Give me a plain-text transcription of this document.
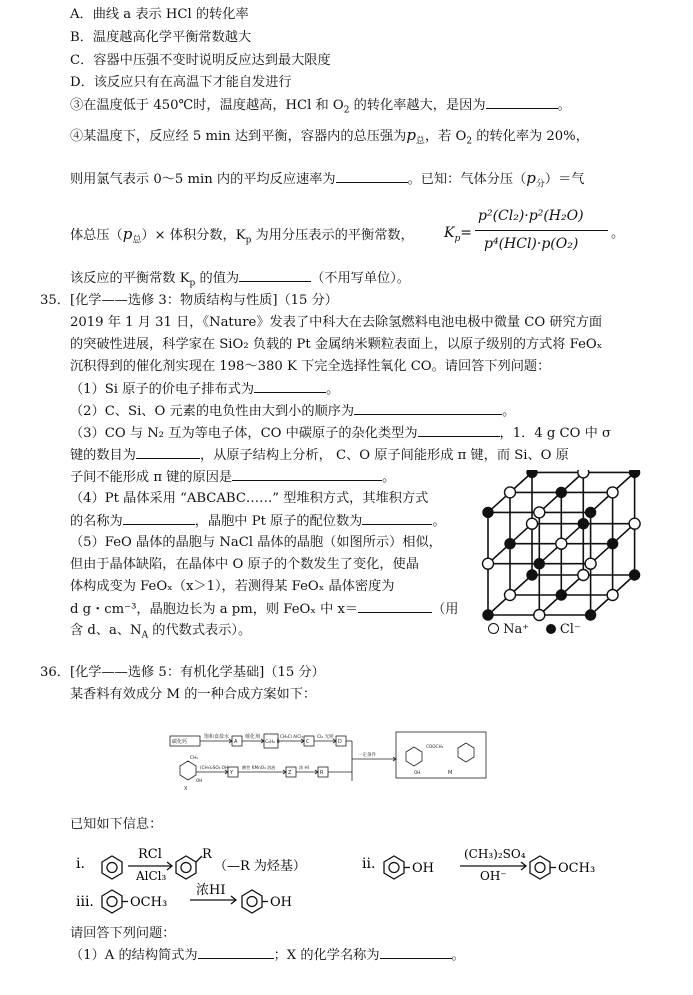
A．曲线 a 表示 HCl 的转化率
B．温度越高化学平衡常数越大
C．容器中压强不变时说明反应达到最大限度
D．该反应只有在高温下才能自发进行
③在温度低于 450℃时，温度越高，HCl 和 $O_2$ 的转化率越大，是因为	。
④某温度下，反应经 5 min 达到平衡，容器内的总压强为$p_总$，若 $O_2$ 的转化率为 20%，
则用氯气表示 0～5 min 内的平均反应速率为	。已知：气体分压$(p_分)=$气
体总压$(p_总)\times$ 体积分数，$K_p$ 为用分压表示的平衡常数， $K_p=$
p²(Cl₂)·p²(H₂O)
p⁴(HCl)·p(O₂)
。
该反应的平衡常数 $K_p$ 的值为	（不用写单位）。
35．[化学——选修 3：物质结构与性质]（15 分）
2019 年 1 月 31 日，《Nature》发表了中科大在去除氢燃料电池电极中微量 CO 研究方面
的突破性进展，科学家在 SiO₂ 负载的 Pt 金属纳米颗粒表面上，以原子级别的方式将 FeOₓ
沉积得到的催化剂实现在 198～380 K 下完全选择性氧化 CO。请回答下列问题：
（1）Si 原子的价电子排布式为	。
（2）C、Si、O 元素的电负性由大到小的顺序为	。
（3）CO 与 N₂ 互为等电子体，CO 中碳原子的杂化类型为	，1．4 g CO 中 σ
键的数目为	，从原子结构上分析， C、O 原子间能形成 π 键，而 Si、O 原
子间不能形成 π 键的原因是	。
（4）Pt 晶体采用 “ABCABC……” 型堆积方式，其堆积方式
的名称为	，晶胞中 Pt 原子的配位数为	。
（5）FeO 晶体的晶胞与 NaCl 晶体的晶胞（如图所示）相似，
但由于晶体缺陷，在晶体中 O 原子的个数发生了变化，使晶
体构成变为 FeOₓ（x＞1），若测得某 FeOₓ 晶体密度为
d g・cm⁻³，晶胞边长为 a pm，则 FeOₓ 中 x＝	（用
含 d、a、$N_A$ 的代数式表示）。	Na⁺ Cl⁻
36．[化学——选修 5：有机化学基础]（15 分）
某香料有效成分 M 的一种合成方案如下：
碳化钙
饱和食盐水
A
催化剂
C₆H₆ B
CH₃Cl AlCl₃
C
Cl₂ 光照
D
一定条件
COOCH₂
OH	M
CH₃
OH
X
(CH₃)₂SO₄ OH⁻
Y
酸性 KMnO₄ 溶液
Z
浓 HI
R
已知如下信息：
i.
RCl
AlCl₃
R
（—R 为烃基）	ii.	OH
(CH₃)₂SO₄
OH⁻	OCH₃
iii.	OCH₃
浓HI
OH
请回答下列问题：
（1）A 的结构简式为	；X 的化学名称为	。
